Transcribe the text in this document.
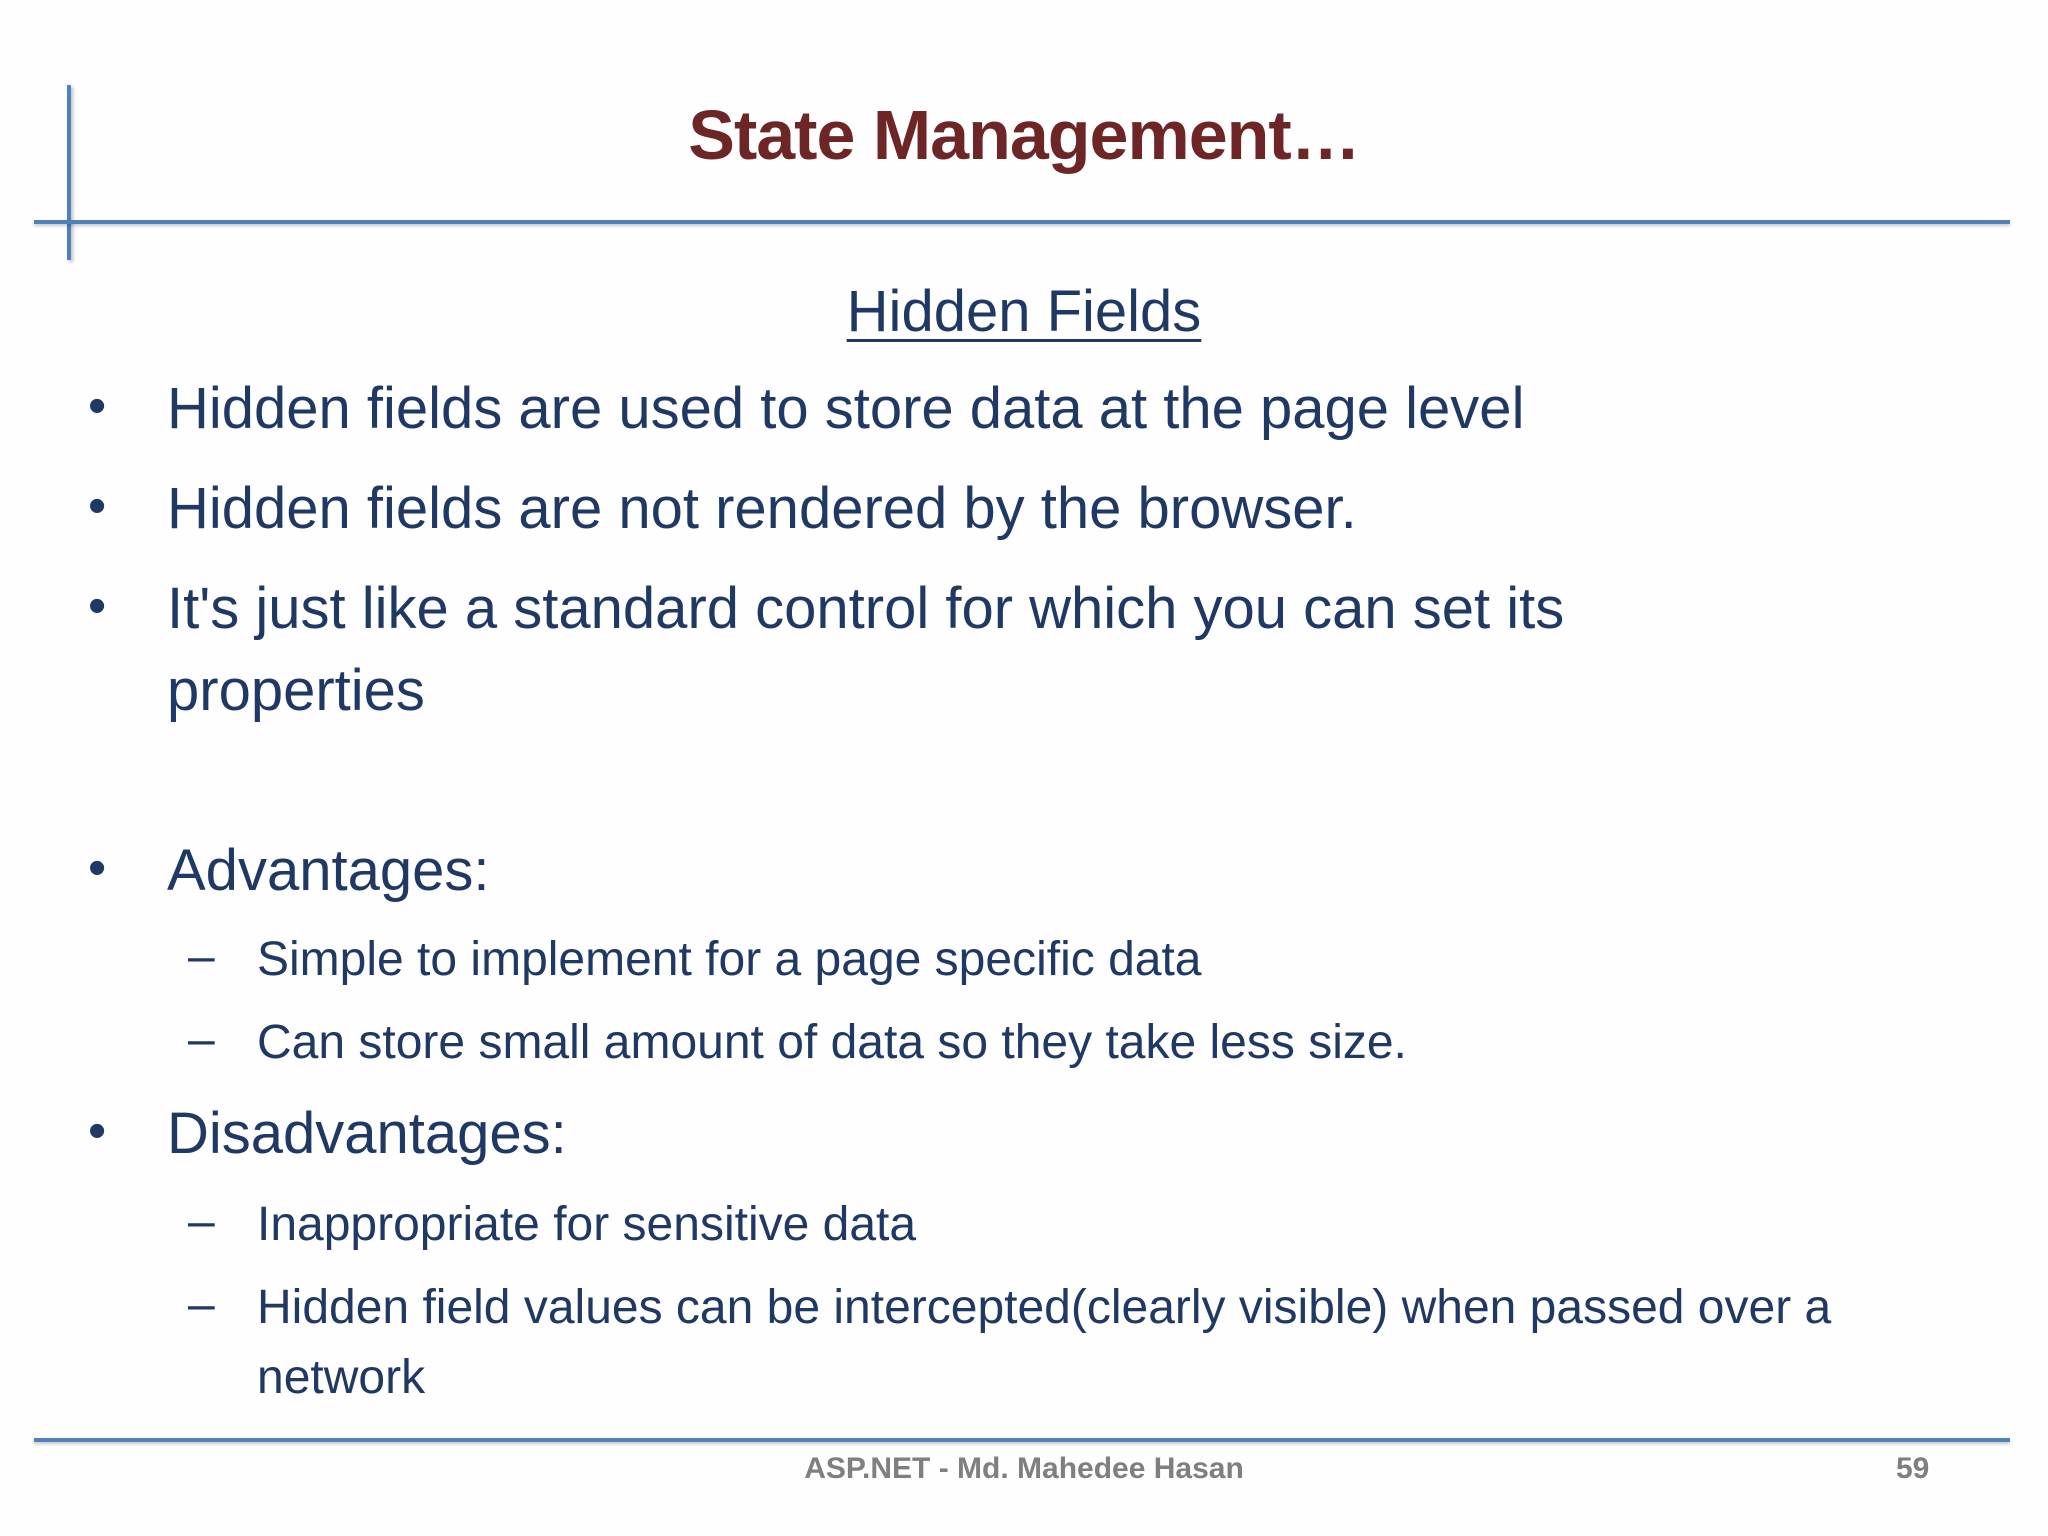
State Management…
Hidden Fields
• Hidden fields are used to store data at the page level
• Hidden fields are not rendered by the browser.
• It's just like a standard control for which you can set its properties
• Advantages:
– Simple to implement for a page specific data
– Can store small amount of data so they take less size.
• Disadvantages:
– Inappropriate for sensitive data
– Hidden field values can be intercepted(clearly visible) when passed over a network
ASP.NET - Md. Mahedee Hasan	59
